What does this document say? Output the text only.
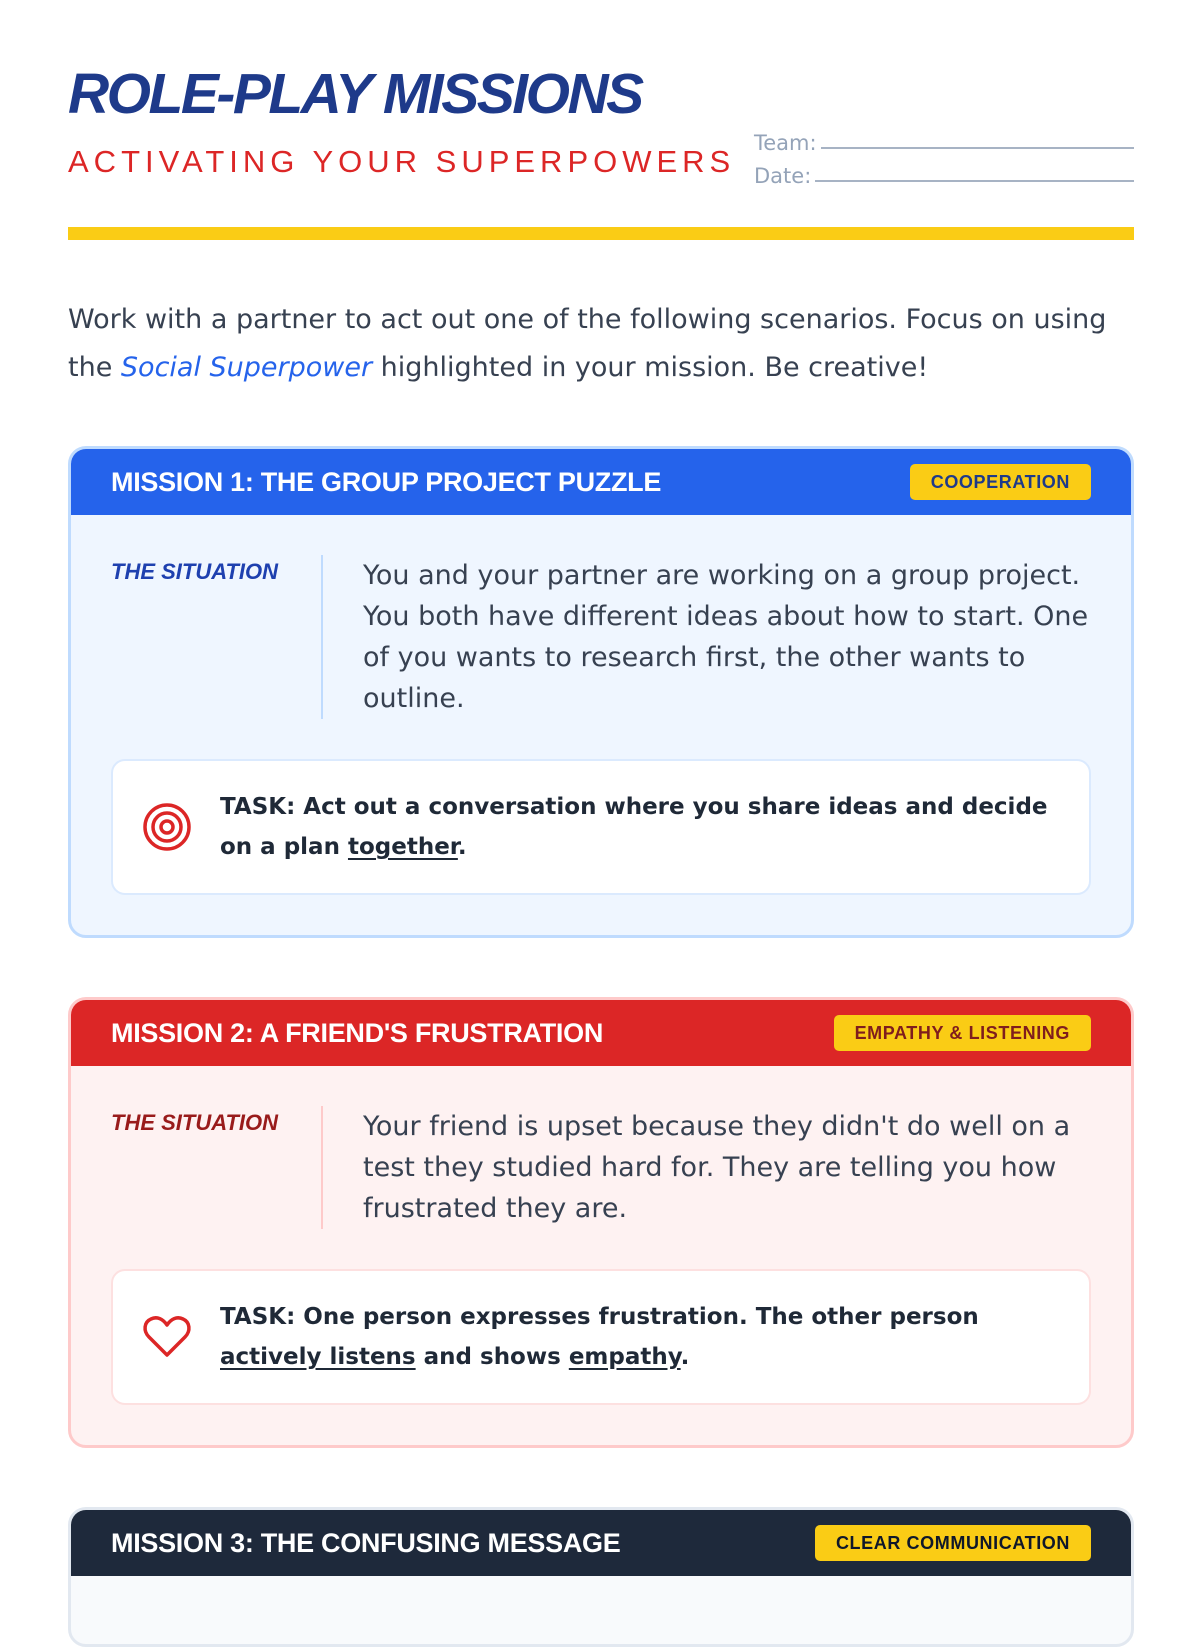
ROLE-PLAY MISSIONS
ACTIVATING YOUR SUPERPOWERS
Team:
Date:

Work with a partner to act out one of the following scenarios. Focus on using the Social Superpower highlighted in your mission. Be creative!

MISSION 1: THE GROUP PROJECT PUZZLE	COOPERATION
THE SITUATION	You and your partner are working on a group project. You both have different ideas about how to start. One of you wants to research first, the other wants to outline.
TASK: Act out a conversation where you share ideas and decide on a plan together.
MISSION 2: A FRIEND'S FRUSTRATION	EMPATHY & LISTENING
THE SITUATION	Your friend is upset because they didn't do well on a test they studied hard for. They are telling you how frustrated they are.
TASK: One person expresses frustration. The other person actively listens and shows empathy.
MISSION 3: THE CONFUSING MESSAGE	CLEAR COMMUNICATION
